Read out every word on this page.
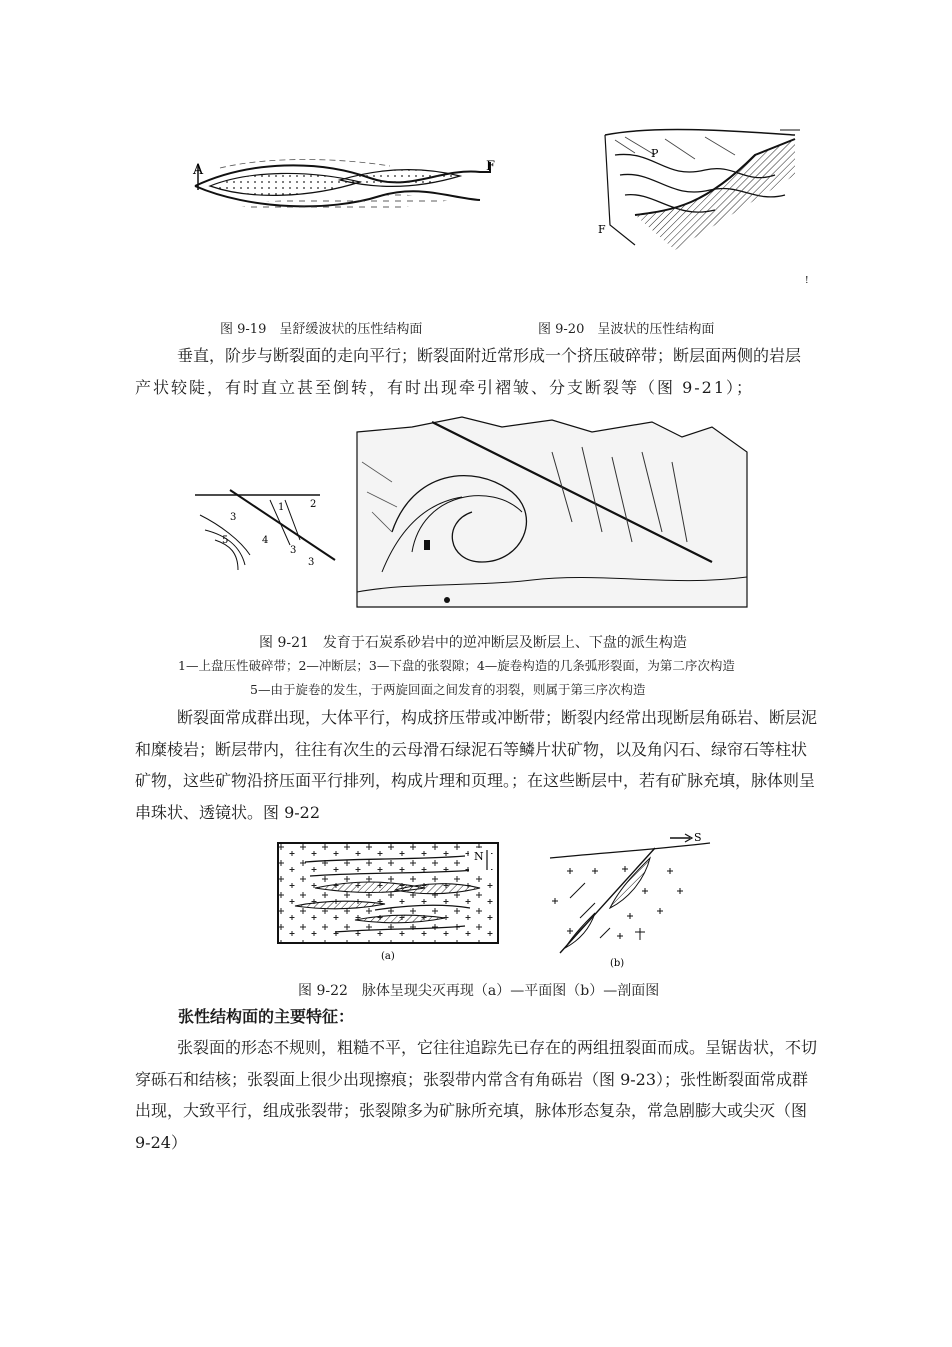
A	F
P
F
!
图 9-19　呈舒缓波状的压性结构面	图 9-20　呈波状的压性结构面

垂直，阶步与断裂面的走向平行；断裂面附近常形成一个挤压破碎带；断层面两侧的岩层

产状较陡，有时直立甚至倒转，有时出现牵引褶皱、分支断裂等（图 9-21）；

3
5	4
3
3
1	2
图 9-21　发育于石炭系砂岩中的逆冲断层及断层上、下盘的派生构造
1—上盘压性破碎带；2—冲断层；3—下盘的张裂隙；4—旋卷构造的几条弧形裂面，为第二序次构造
5—由于旋卷的发生，于两旋回面之间发育的羽裂，则属于第三序次构造

断裂面常成群出现，大体平行，构成挤压带或冲断带；断裂内经常出现断层角砾岩、断层泥和糜棱岩；断层带内，往往有次生的云母滑石绿泥石等鳞片状矿物，以及角闪石、绿帘石等柱状矿物，这些矿物沿挤压面平行排列，构成片理和页理。；在这些断层中，若有矿脉充填，脉体则呈串珠状、透镜状。图 9-22

N
(a)
S
(b)
图 9-22　脉体呈现尖灭再现（a）—平面图（b）—剖面图
张性结构面的主要特征：

张裂面的形态不规则，粗糙不平，它往往追踪先已存在的两组扭裂面而成。呈锯齿状，不切穿砾石和结核；张裂面上很少出现擦痕；张裂带内常含有角砾岩（图 9-23）；张性断裂面常成群出现，大致平行，组成张裂带；张裂隙多为矿脉所充填，脉体形态复杂，常急剧膨大或尖灭（图 9-24）
